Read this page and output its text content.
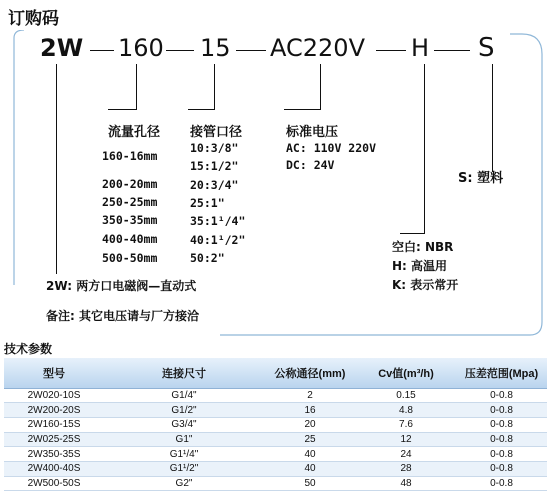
订购码
2W 160 15 AC220V H S
流量孔径
160-16mm
200-20mm
250-25mm
350-35mm
400-40mm
500-50mm
接管口径
10:3/8"
15:1/2"
20:3/4"
25:1"
35:1¹/4"
40:1¹/2"
50:2"
标准电压
AC: 110V 220V
DC: 24V
S: 塑料
空白: NBR
H: 高温用
K: 表示常开
2W: 两方口电磁阀—直动式
备注: 其它电压请与厂方接洽
技术参数
型号	连接尺寸	公称通径(mm)	Cv值(m³/h)	压差范围(Mpa)
2W020-10S	G1/4"	2	0.15	0-0.8
2W200-20S	G1/2"	16	4.8	0-0.8
2W160-15S	G3/4"	20	7.6	0-0.8
2W025-25S	G1"	25	12	0-0.8
2W350-35S	G1¹/4"	40	24	0-0.8
2W400-40S	G1¹/2"	40	28	0-0.8
2W500-50S	G2"	50	48	0-0.8
